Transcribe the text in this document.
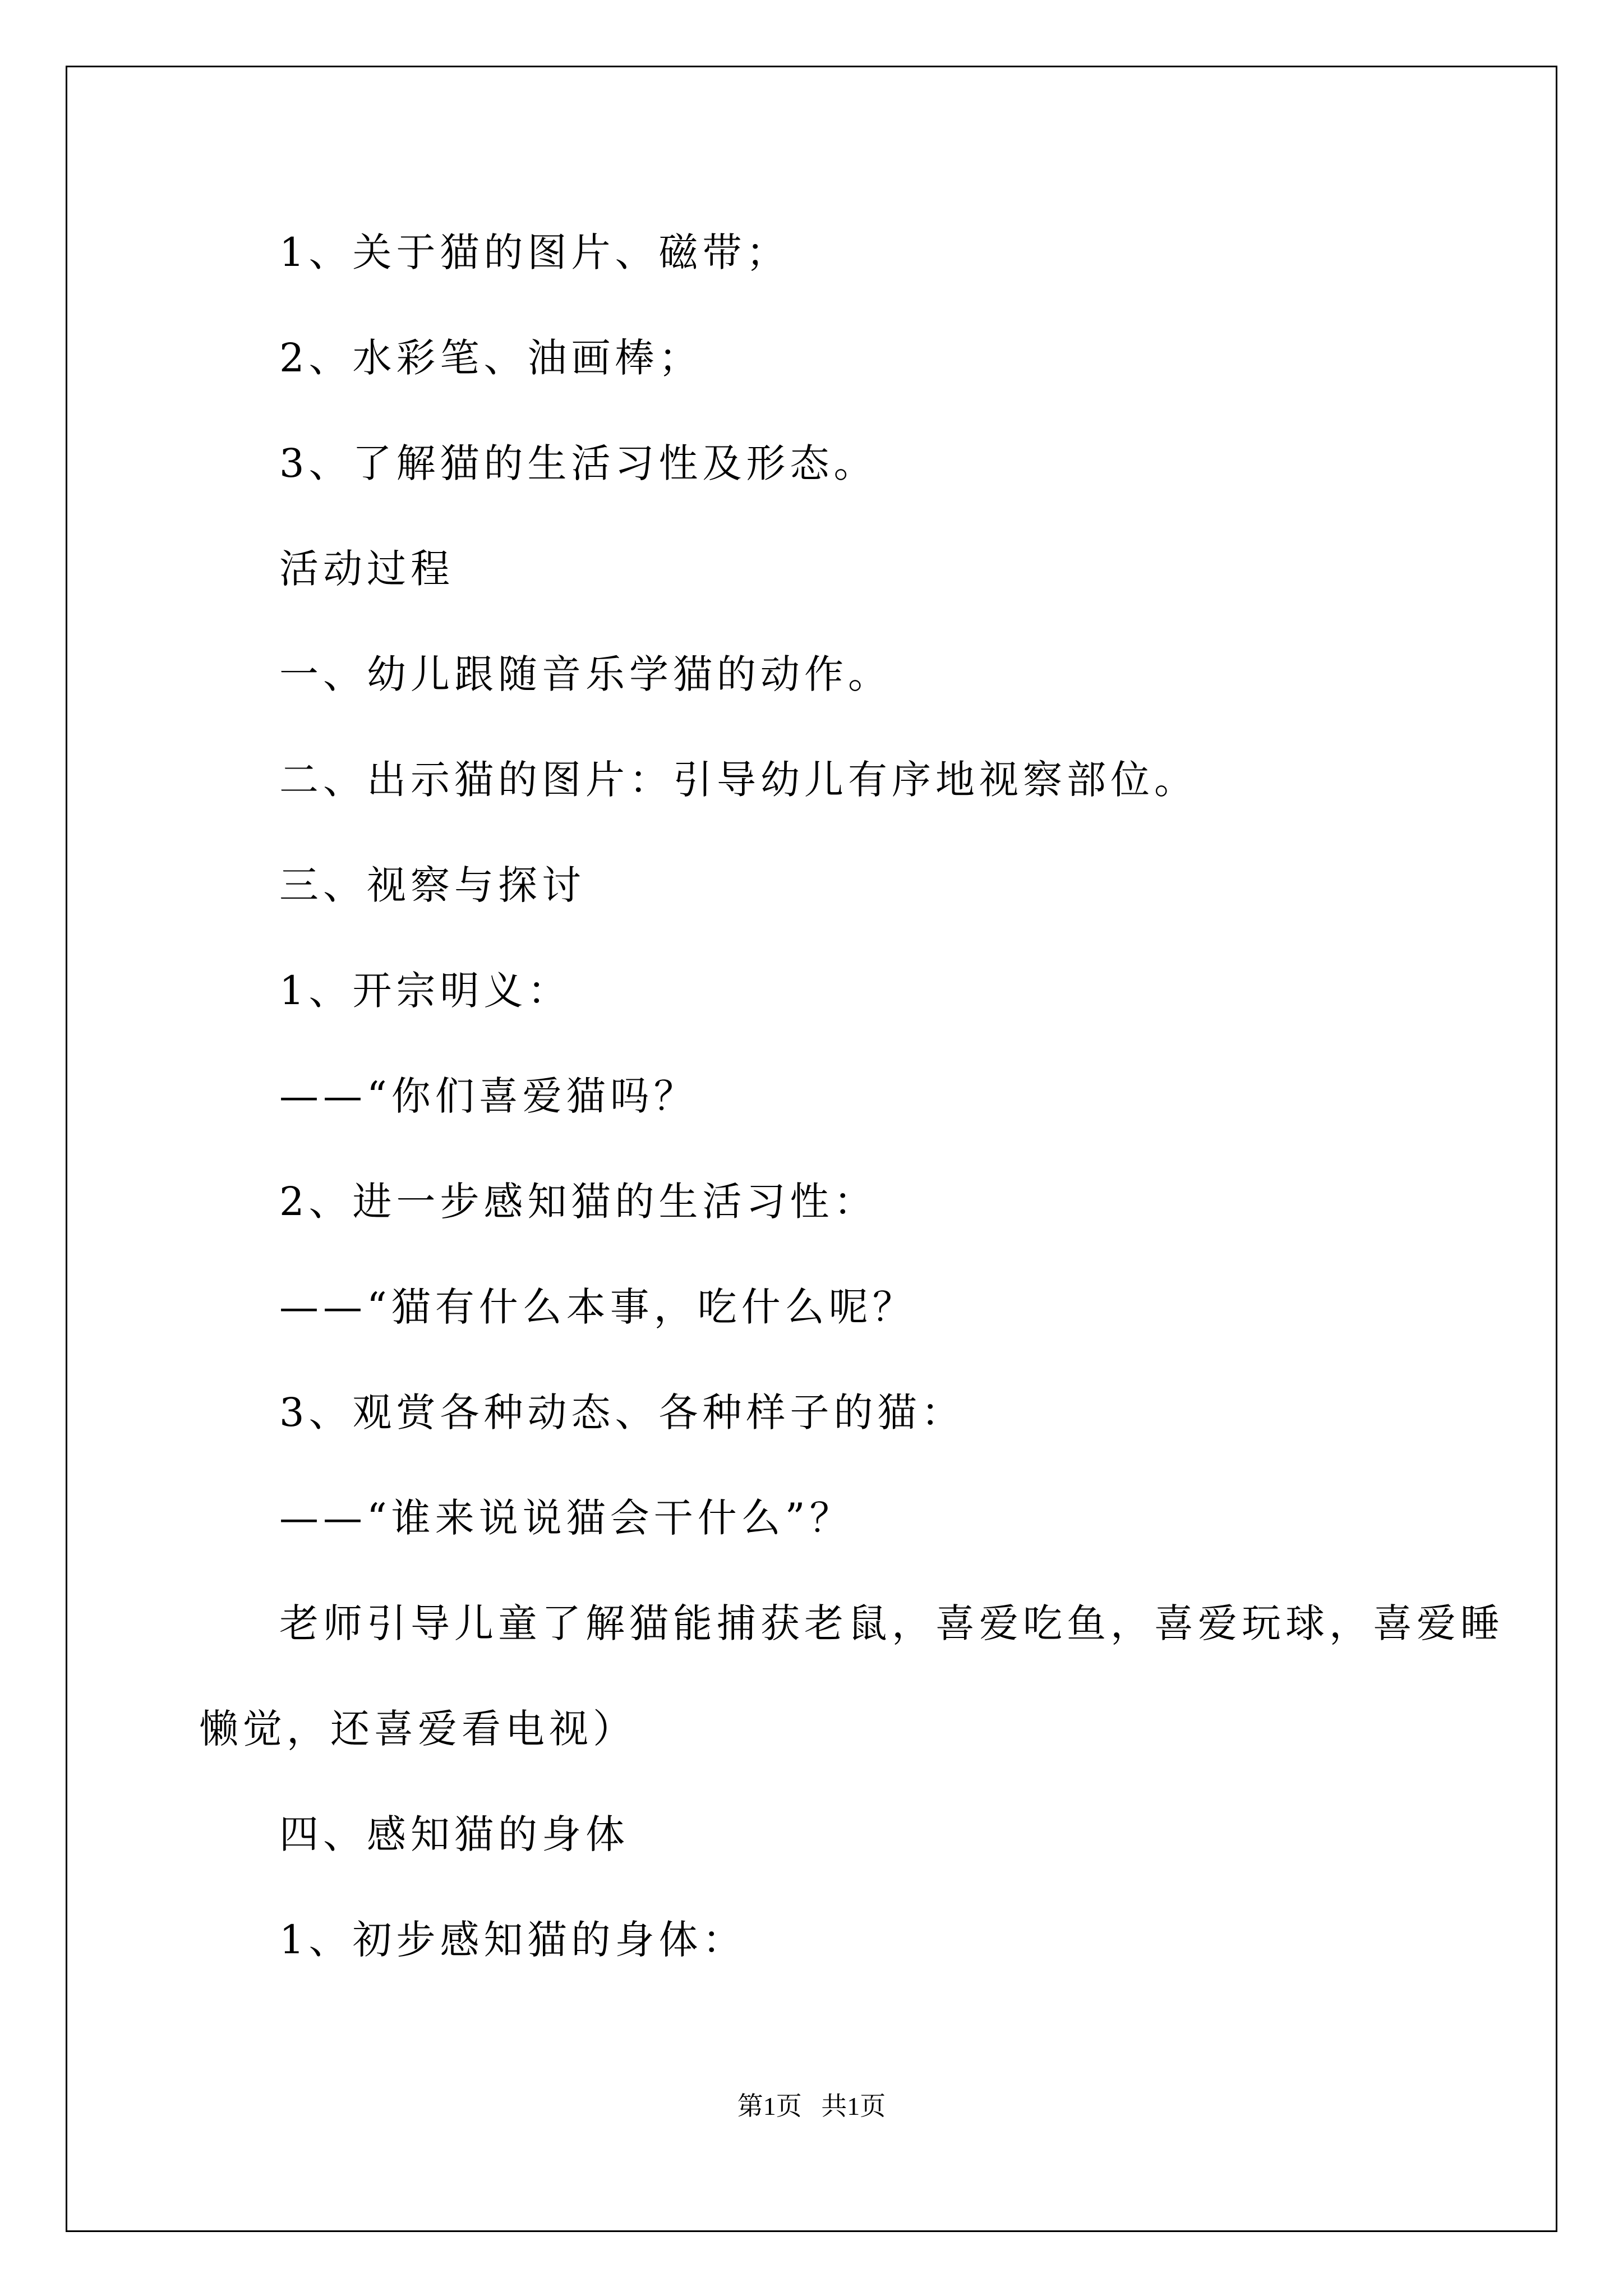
1、关于猫的图片、磁带；
2、水彩笔、油画棒；
3、了解猫的生活习性及形态。
活动过程
一、幼儿跟随音乐学猫的动作。
二、出示猫的图片：引导幼儿有序地视察部位。
三、视察与探讨
1、开宗明义：
——“你们喜爱猫吗？
2、进一步感知猫的生活习性：
——“猫有什么本事，吃什么呢？
3、观赏各种动态、各种样子的猫：
——“谁来说说猫会干什么”？
老师引导儿童了解猫能捕获老鼠，喜爱吃鱼，喜爱玩球，喜爱睡
懒觉，还喜爱看电视）
四、感知猫的身体
1、初步感知猫的身体：
第1页   共1页
